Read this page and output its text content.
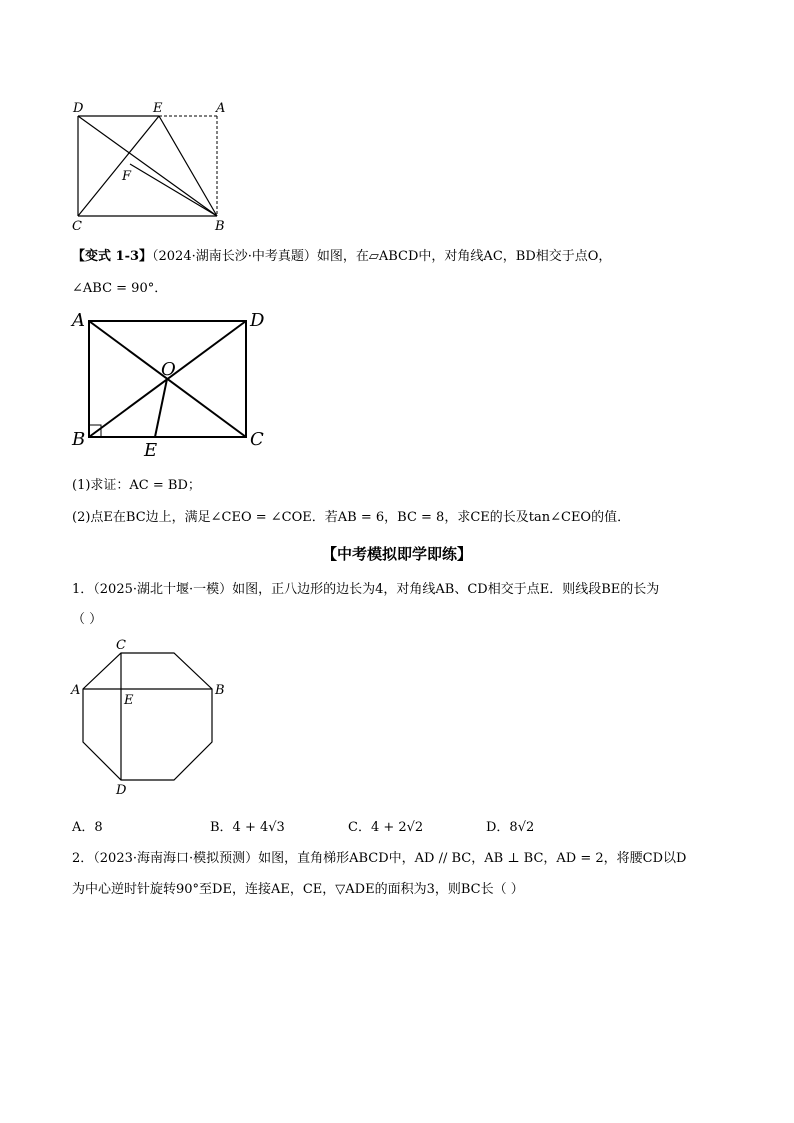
D	E	A
F
C	B
【变式 1-3】（2024·湖南长沙·中考真题）如图，在▱ABCD中，对角线AC，BD相交于点O，
∠ABC = 90°．
A	D
O
B
E
C
(1)求证：AC = BD；
(2)点E在BC边上，满足∠CEO = ∠COE．若AB = 6，BC = 8，求CE的长及tan∠CEO的值．
【中考模拟即学即练】
1．（2025·湖北十堰·一模）如图，正八边形的边长为4，对角线AB、CD相交于点E．则线段BE的长为
（ ）
C
A
E
B
D
A．8	B．4 + 4√3	C．4 + 2√2	D．8√2
2．（2023·海南海口·模拟预测）如图，直角梯形ABCD中，AD // BC，AB ⊥ BC，AD = 2，将腰CD以D
为中心逆时针旋转90°至DE，连接AE，CE，▽ADE的面积为3，则BC长（ ）
